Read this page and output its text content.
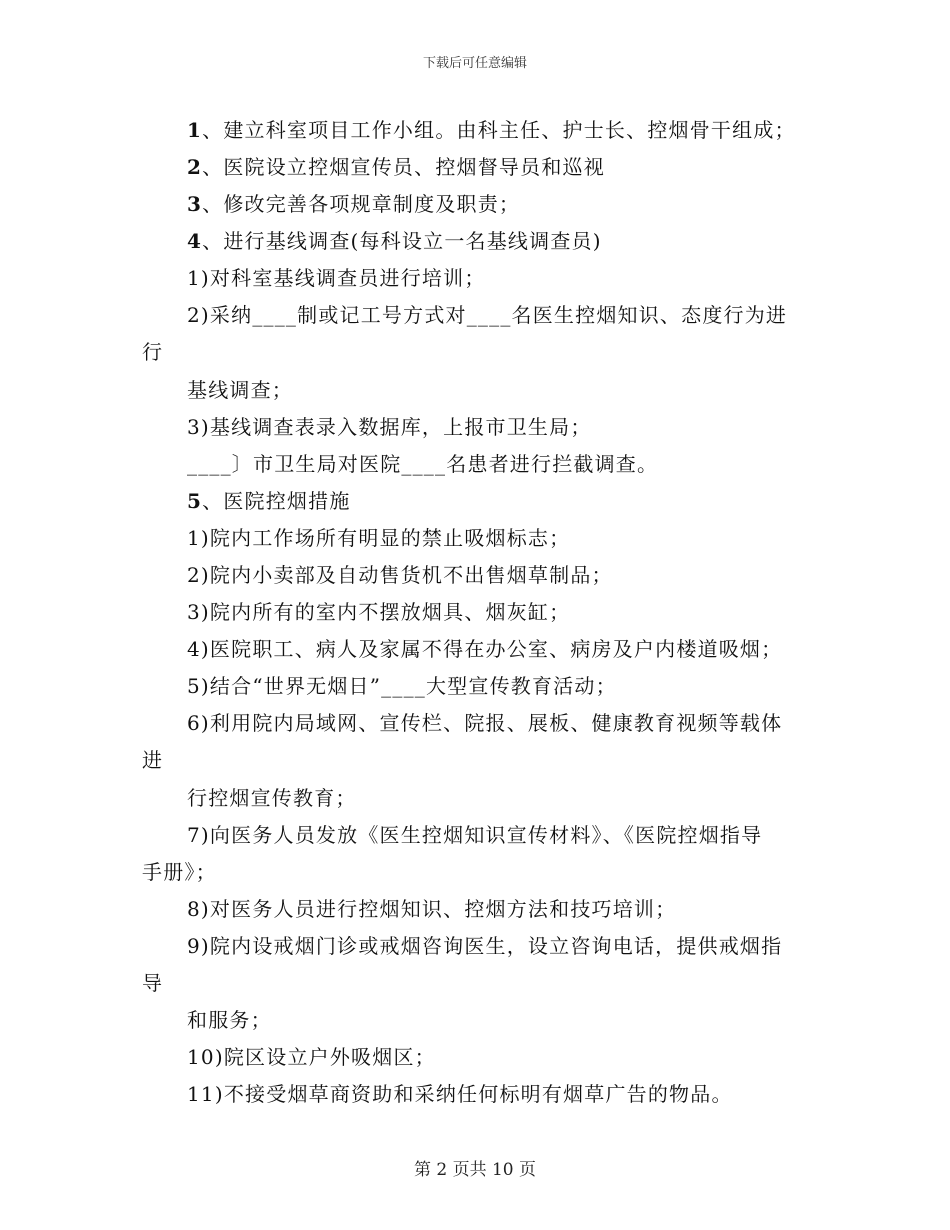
下载后可任意编辑
1、建立科室项目工作小组。由科主任、护士长、控烟骨干组成；
2、医院设立控烟宣传员、控烟督导员和巡视
3、修改完善各项规章制度及职责；
4、进行基线调查(每科设立一名基线调查员)
1)对科室基线调查员进行培训；
2)采纳____制或记工号方式对____名医生控烟知识、态度行为进
行
基线调查；
3)基线调查表录入数据库，上报市卫生局；
____〕市卫生局对医院____名患者进行拦截调查。
5、医院控烟措施
1)院内工作场所有明显的禁止吸烟标志；
2)院内小卖部及自动售货机不出售烟草制品；
3)院内所有的室内不摆放烟具、烟灰缸；
4)医院职工、病人及家属不得在办公室、病房及户内楼道吸烟；
5)结合“世界无烟日”____大型宣传教育活动；
6)利用院内局域网、宣传栏、院报、展板、健康教育视频等载体
进
行控烟宣传教育；
7)向医务人员发放《医生控烟知识宣传材料》、《医院控烟指导
手册》；
8)对医务人员进行控烟知识、控烟方法和技巧培训；
9)院内设戒烟门诊或戒烟咨询医生，设立咨询电话，提供戒烟指
导
和服务；
10)院区设立户外吸烟区；
11)不接受烟草商资助和采纳任何标明有烟草广告的物品。
第 2 页共 10 页
